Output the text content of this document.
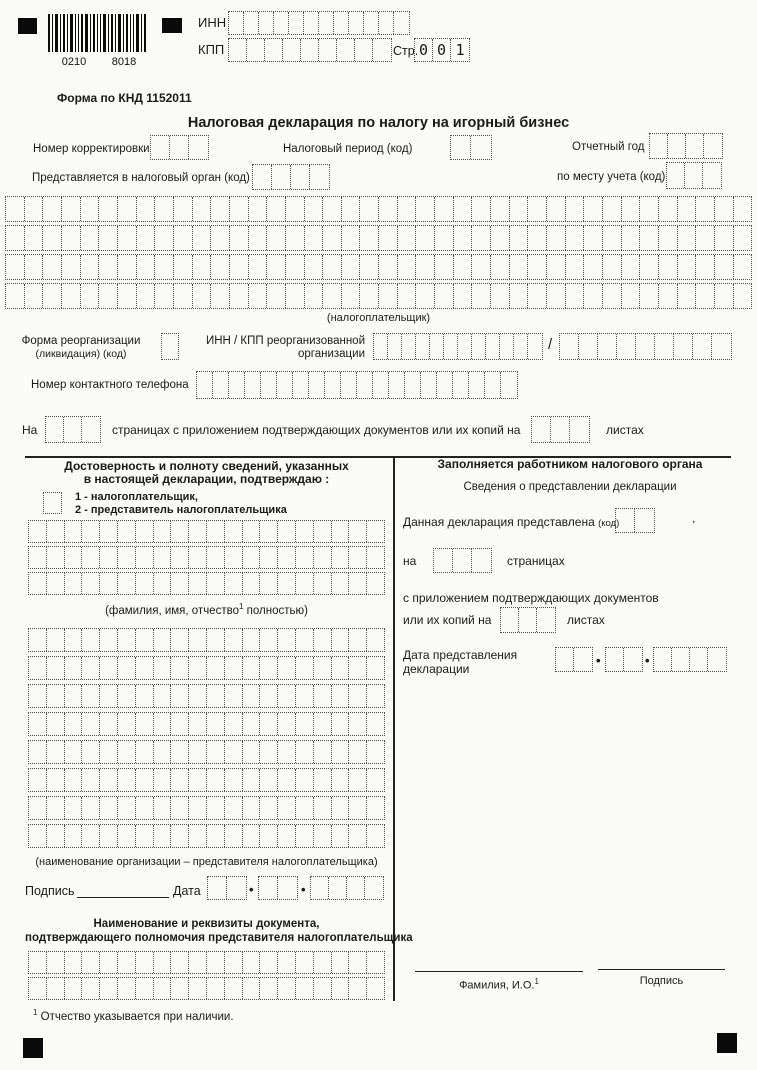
0210 8018
ИНН
КПП	Стр. 0 0 1
Форма по КНД 1152011
Налоговая декларация по налогу на игорный бизнес
Номер корректировки	Налоговый период (код)	Отчетный год
Представляется в налоговый орган (код)	по месту учета (код)
(налогоплательщик)
Форма реорганизации
(ликвидация) (код)
ИНН / КПП реорганизованной
организации
/
Номер контактного телефона
На	страницах с приложением подтверждающих документов или их копий на	листах
Достоверность и полноту сведений, указанных
в настоящей декларации, подтверждаю :
1 - налогоплательщик,
2 - представитель налогоплательщика
(фамилия, имя, отчество$^1$ полностью)
(наименование организации – представителя налогоплательщика)
Подпись	Дата	•	•
Наименование и реквизиты документа,
подтверждающего полномочия представителя налогоплательщика
$^1$ Отчество указывается при наличии.
Заполняется работником налогового органа
Сведения о представлении декларации
Данная декларация представлена (код)	,
на	страницах
с приложением подтверждающих документов
или их копий на	листах
Дата представления
декларации
•	•
Фамилия, И.О.$^1$	Подпись
